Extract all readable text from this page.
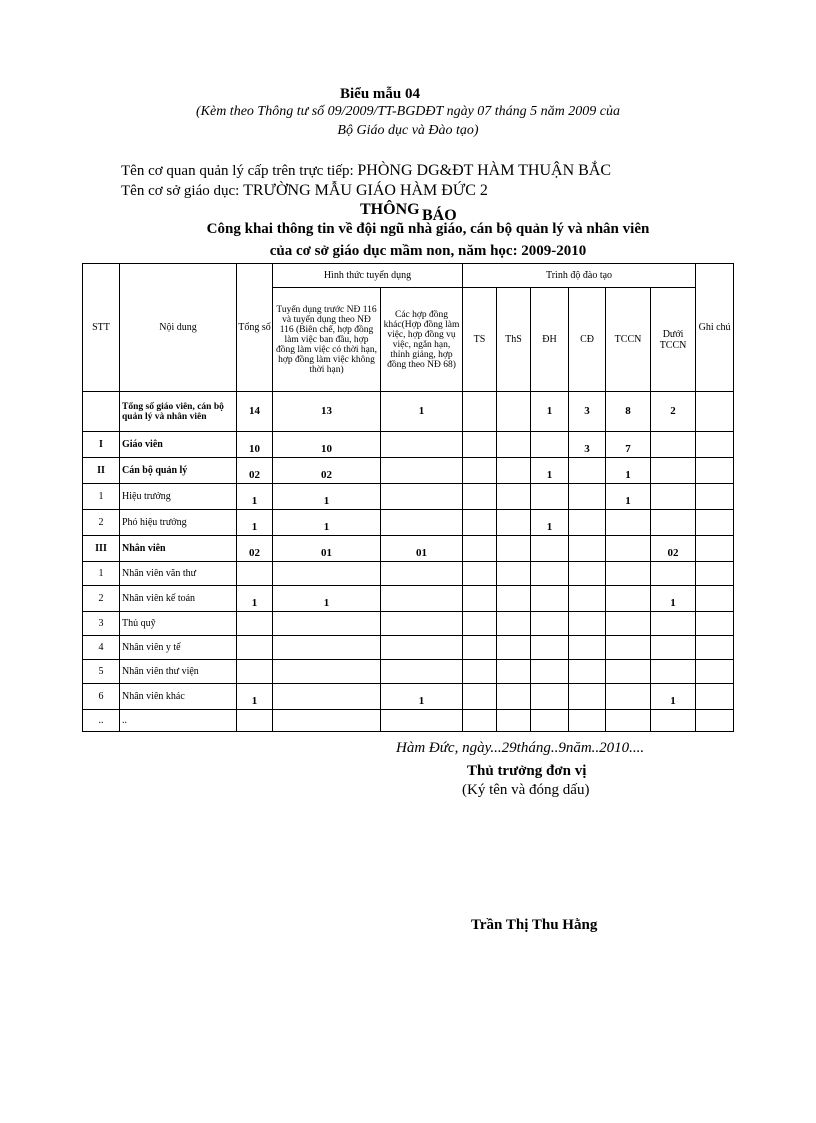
Biểu mẫu 04
(Kèm theo Thông tư số 09/2009/TT-BGDĐT ngày 07 tháng 5 năm 2009 của
Bộ Giáo dục và Đào tạo)
Tên cơ quan quản lý cấp trên trực tiếp: PHÒNG DG&ĐT HÀM THUẬN BẮC
Tên cơ sở giáo dục: TRƯỜNG MẪU GIÁO HÀM ĐỨC 2
THÔNG BÁO
Công khai thông tin về đội ngũ nhà giáo, cán bộ quản lý và nhân viên
của cơ sở giáo dục mầm non, năm học: 2009-2010
STT	Nội dung	Tổng số	Hình thức tuyển dụng		Trình độ đào tạo						Ghi chú
			Tuyển dụng trước NĐ 116 và tuyển dụng theo NĐ 116 (Biên chế, hợp đồng làm việc ban đầu, hợp đồng làm việc có thời hạn, hợp đồng làm việc không thời hạn)	Các hợp đồng khác(Hợp đồng làm việc, hợp đồng vụ việc, ngắn hạn, thỉnh giảng, hợp đồng theo NĐ 68)	TS	ThS	ĐH	CĐ	TCCN	Dưới TCCN	
	Tổng số giáo viên, cán bộ quản lý và nhân viên	14	13	1			1	3	8	2	
I	Giáo viên	10	10					3	7		
II	Cán bộ quản lý	02	02				1		1		
1	Hiệu trưởng	1	1						1		
2	Phó hiệu trưởng	1	1				1				
III	Nhân viên	02	01	01						02	
1	Nhân viên văn thư										
2	Nhân viên kế toán	1	1							1	
3	Thủ quỹ										
4	Nhân viên y tế										
5	Nhân viên thư viện										
6	Nhân viên khác	1		1						1	
..	..										
Hàm Đức, ngày...29tháng..9năm..2010....
Thủ trưởng đơn vị
(Ký tên và đóng dấu)
Trần Thị Thu Hằng
